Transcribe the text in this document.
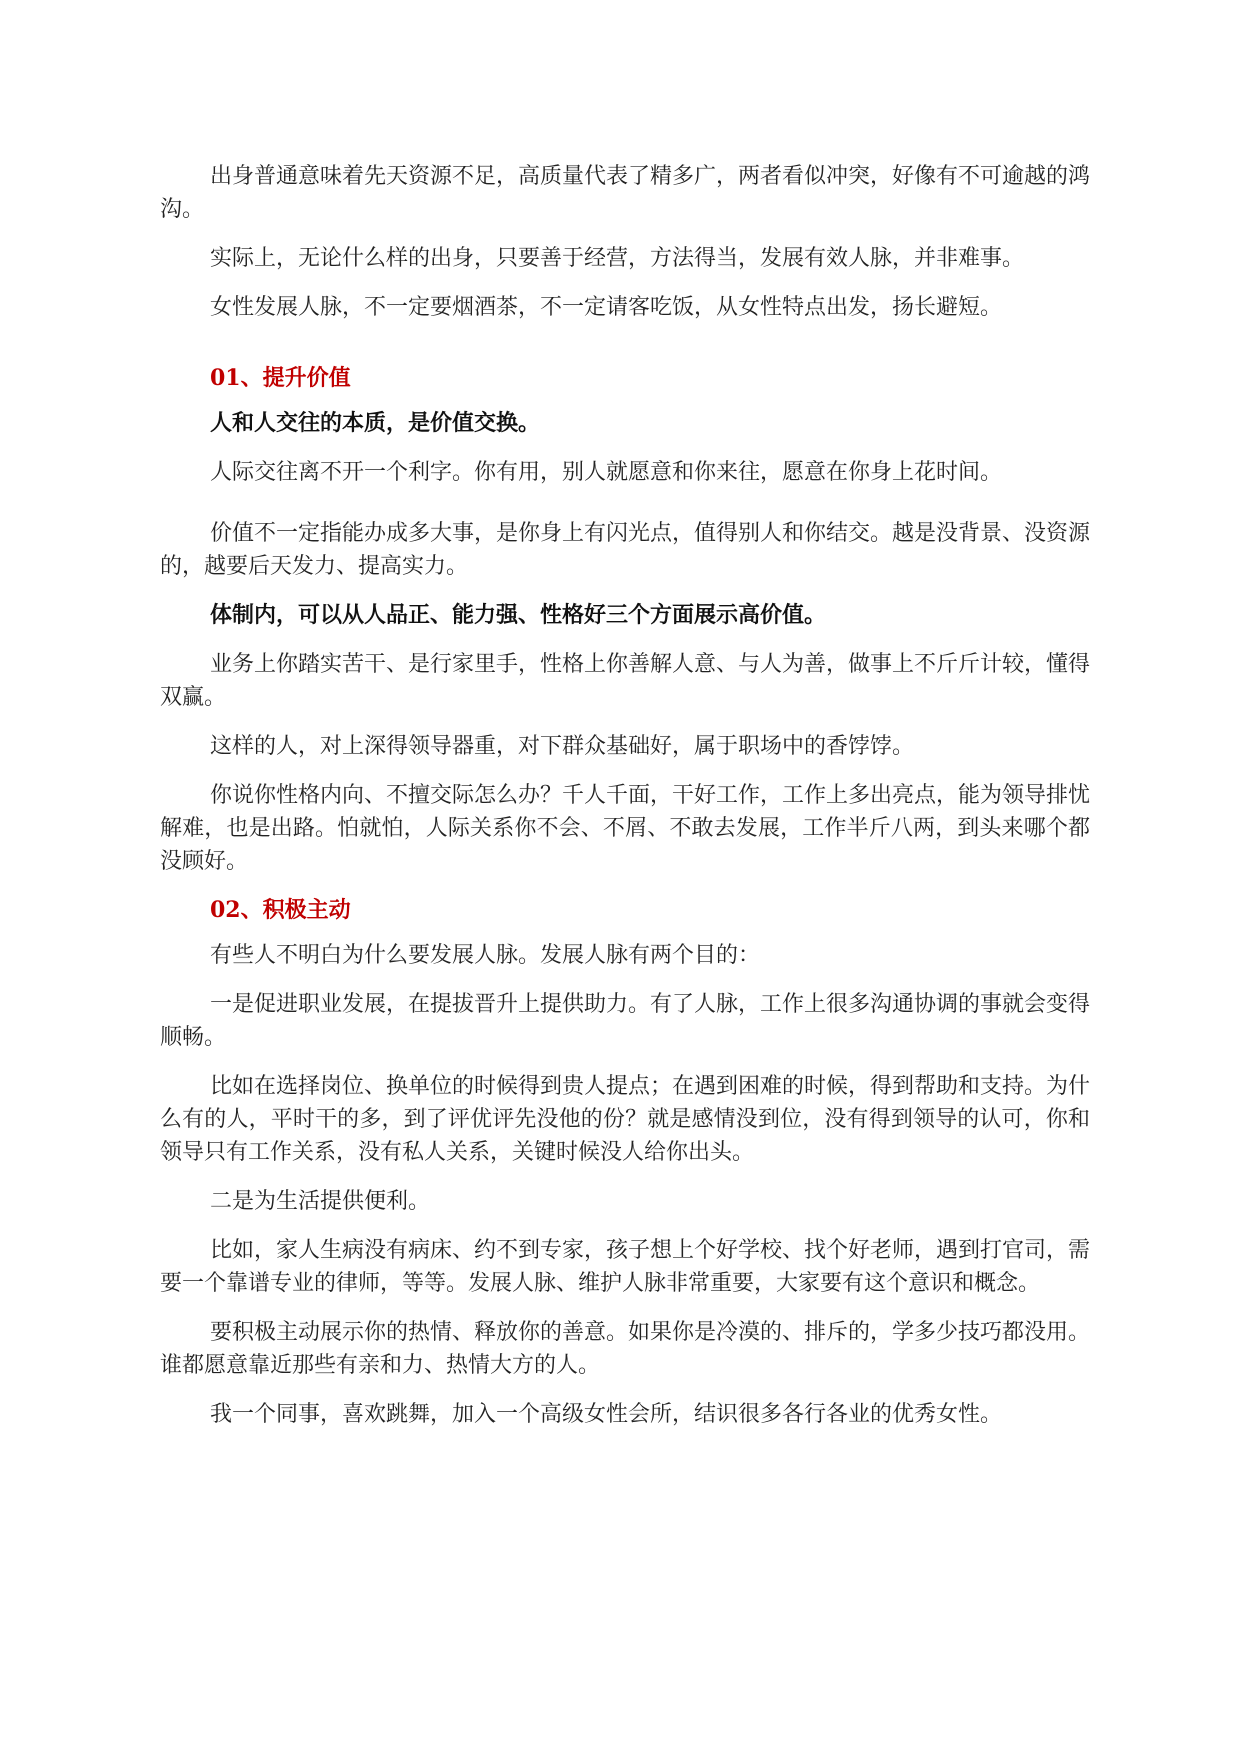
出身普通意味着先天资源不足，高质量代表了精多广，两者看似冲突，好像有不可逾越的鸿沟。

实际上，无论什么样的出身，只要善于经营，方法得当，发展有效人脉，并非难事。

女性发展人脉，不一定要烟酒茶，不一定请客吃饭，从女性特点出发，扬长避短。

01、提升价值

人和人交往的本质，是价值交换。

人际交往离不开一个利字。你有用，别人就愿意和你来往，愿意在你身上花时间。

价值不一定指能办成多大事，是你身上有闪光点，值得别人和你结交。越是没背景、没资源的，越要后天发力、提高实力。

体制内，可以从人品正、能力强、性格好三个方面展示高价值。

业务上你踏实苦干、是行家里手，性格上你善解人意、与人为善，做事上不斤斤计较，懂得双赢。

这样的人，对上深得领导器重，对下群众基础好，属于职场中的香饽饽。

你说你性格内向、不擅交际怎么办？千人千面，干好工作，工作上多出亮点，能为领导排忧解难，也是出路。怕就怕，人际关系你不会、不屑、不敢去发展，工作半斤八两，到头来哪个都没顾好。

02、积极主动

有些人不明白为什么要发展人脉。发展人脉有两个目的：

一是促进职业发展，在提拔晋升上提供助力。有了人脉，工作上很多沟通协调的事就会变得顺畅。

比如在选择岗位、换单位的时候得到贵人提点；在遇到困难的时候，得到帮助和支持。为什么有的人，平时干的多，到了评优评先没他的份？就是感情没到位，没有得到领导的认可，你和领导只有工作关系，没有私人关系，关键时候没人给你出头。

二是为生活提供便利。

比如，家人生病没有病床、约不到专家，孩子想上个好学校、找个好老师，遇到打官司，需要一个靠谱专业的律师，等等。发展人脉、维护人脉非常重要，大家要有这个意识和概念。

要积极主动展示你的热情、释放你的善意。如果你是冷漠的、排斥的，学多少技巧都没用。谁都愿意靠近那些有亲和力、热情大方的人。

我一个同事，喜欢跳舞，加入一个高级女性会所，结识很多各行各业的优秀女性。
